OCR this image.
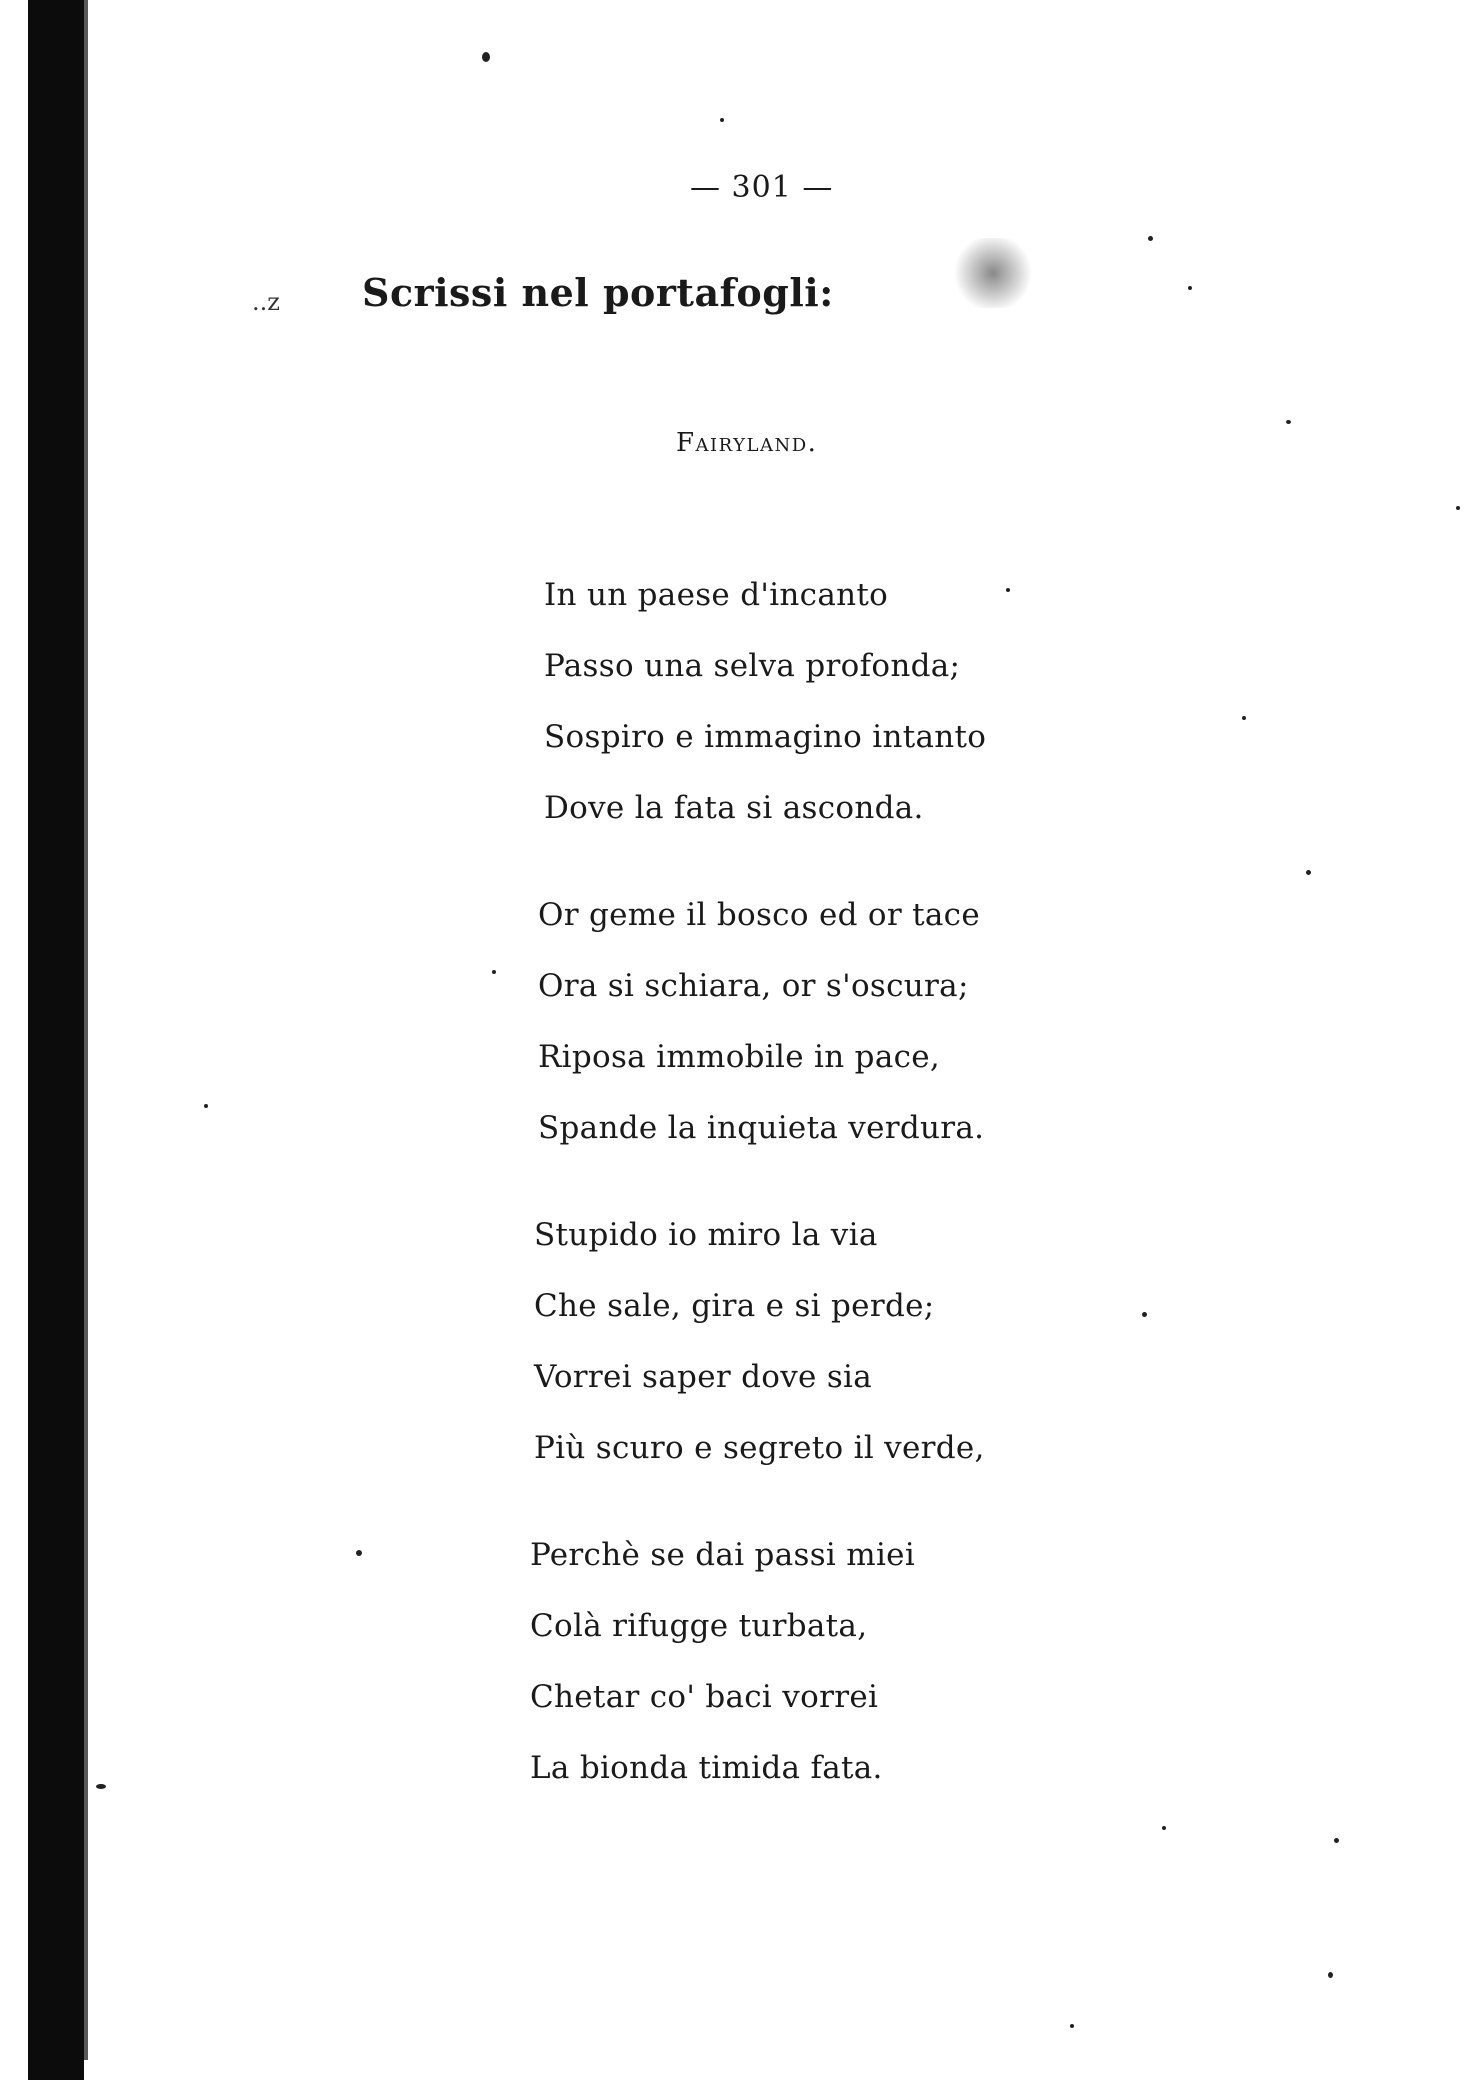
— 301 —
..z Scrissi nel portafogli:
Fairyland.
In un paese d'incanto
Passo una selva profonda;
Sospiro e immagino intanto
Dove la fata si asconda.
Or geme il bosco ed or tace
Ora si schiara, or s'oscura;
Riposa immobile in pace,
Spande la inquieta verdura.
Stupido io miro la via
Che sale, gira e si perde;
Vorrei saper dove sia
Più scuro e segreto il verde,
Perchè se dai passi miei
Colà rifugge turbata,
Chetar co' baci vorrei
La bionda timida fata.
